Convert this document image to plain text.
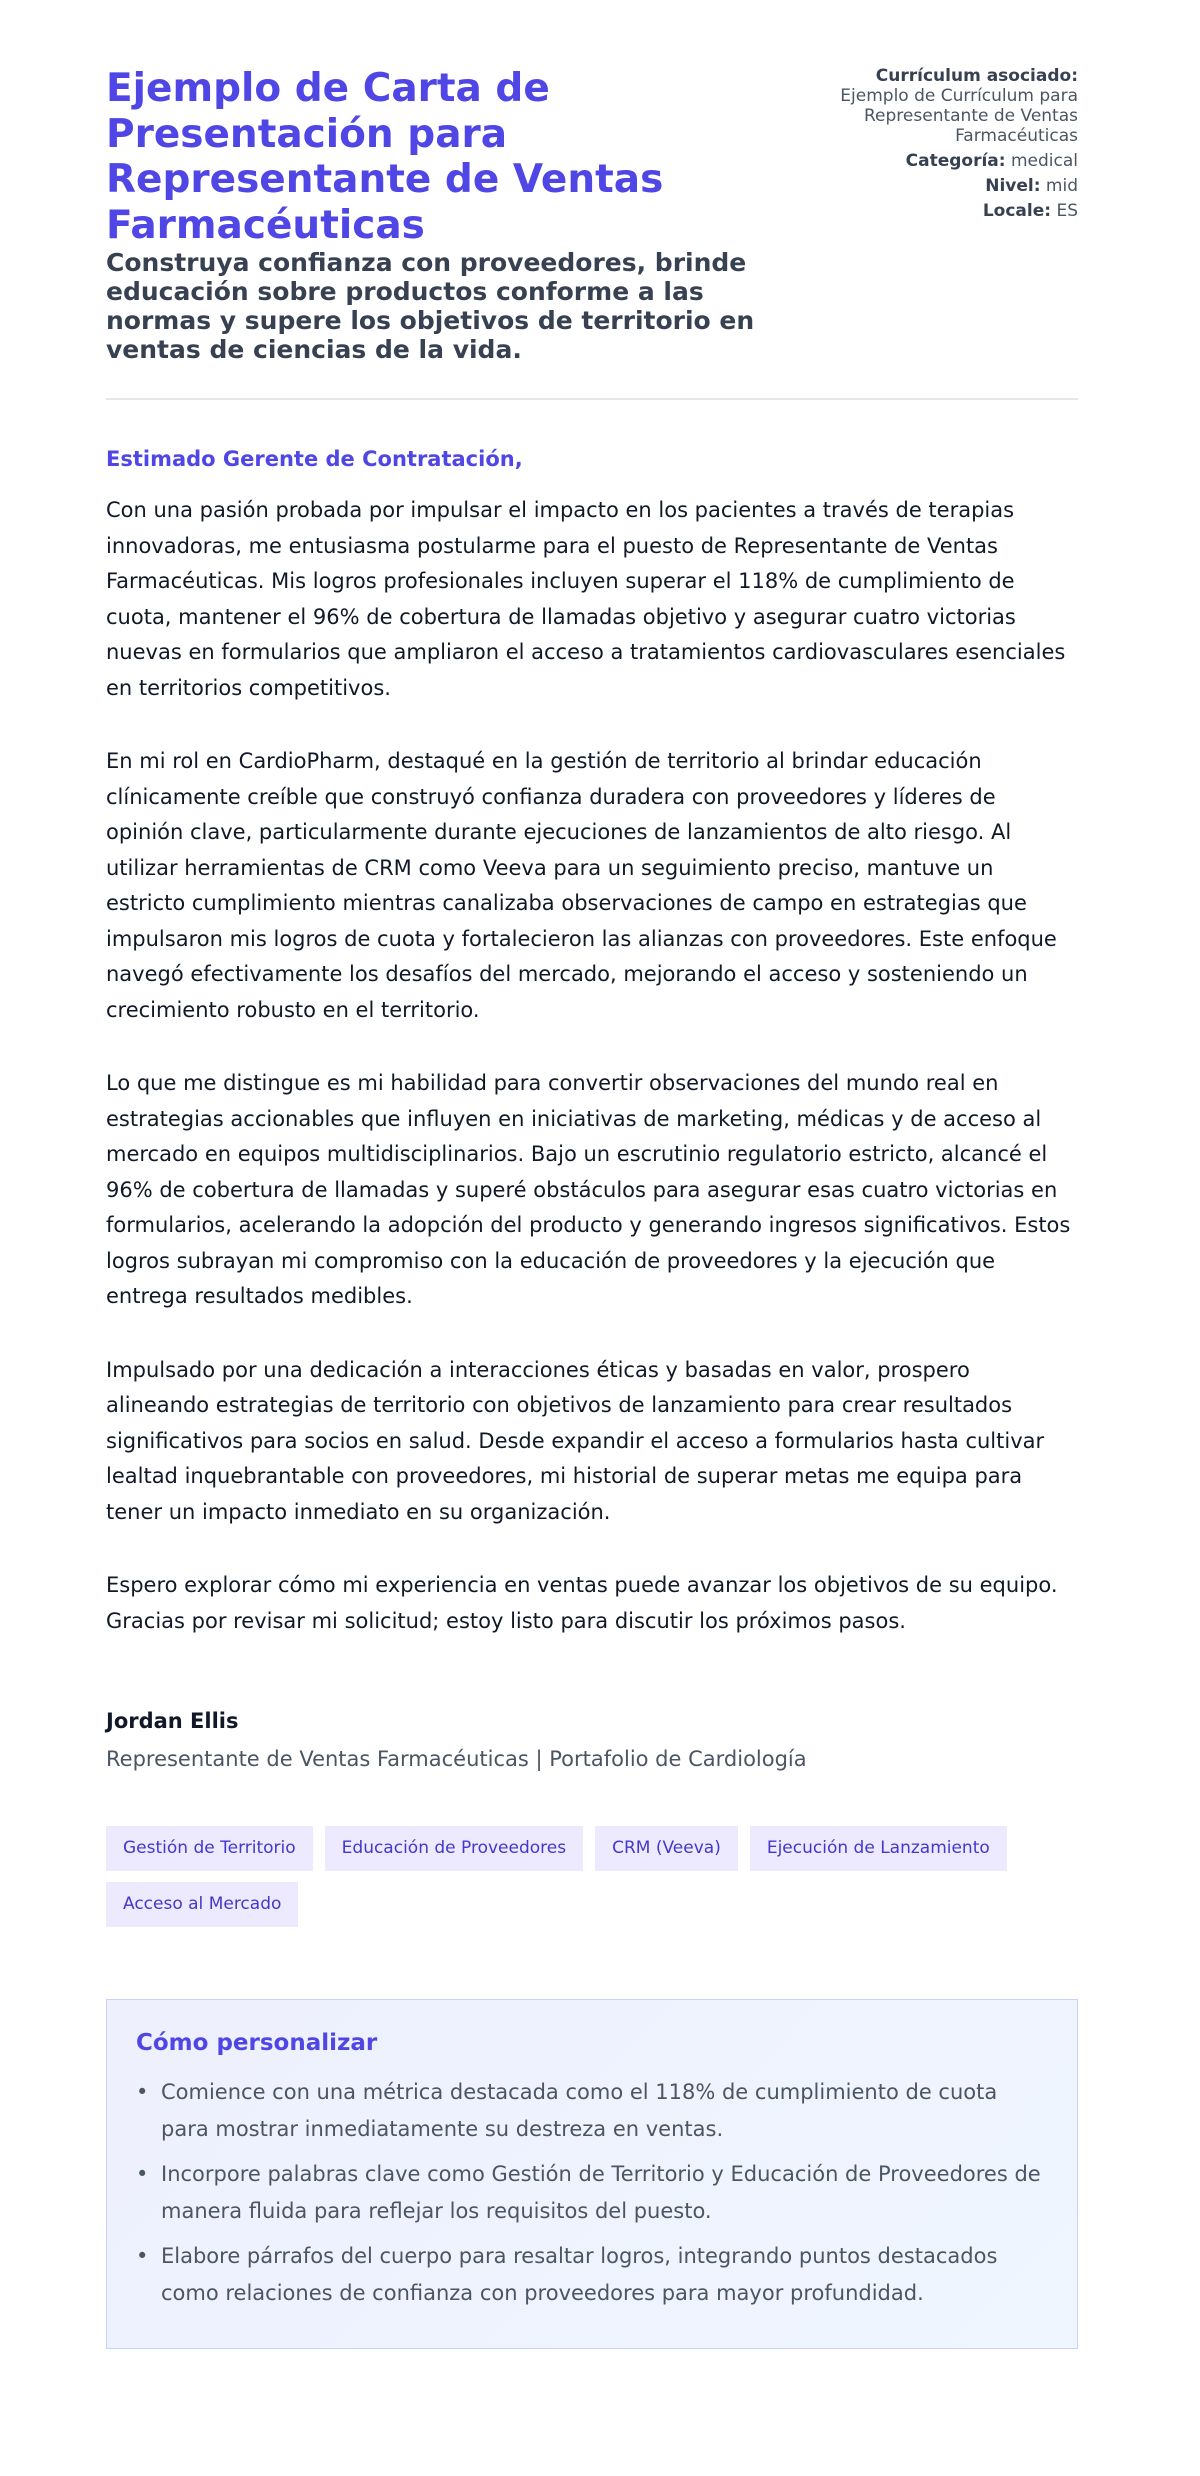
Ejemplo de Carta de Presentación para Representante de Ventas Farmacéuticas
Construya confianza con proveedores, brinde educación sobre productos conforme a las normas y supere los objetivos de territorio en ventas de ciencias de la vida.
Currículum asociado:
Ejemplo de Currículum para Representante de Ventas Farmacéuticas
Categoría: medical
Nivel: mid
Locale: ES
Estimado Gerente de Contratación,

Con una pasión probada por impulsar el impacto en los pacientes a través de terapias innovadoras, me entusiasma postularme para el puesto de Representante de Ventas Farmacéuticas. Mis logros profesionales incluyen superar el 118% de cumplimiento de cuota, mantener el 96% de cobertura de llamadas objetivo y asegurar cuatro victorias nuevas en formularios que ampliaron el acceso a tratamientos cardiovasculares esenciales en territorios competitivos.

En mi rol en CardioPharm, destaqué en la gestión de territorio al brindar educación clínicamente creíble que construyó confianza duradera con proveedores y líderes de opinión clave, particularmente durante ejecuciones de lanzamientos de alto riesgo. Al utilizar herramientas de CRM como Veeva para un seguimiento preciso, mantuve un estricto cumplimiento mientras canalizaba observaciones de campo en estrategias que impulsaron mis logros de cuota y fortalecieron las alianzas con proveedores. Este enfoque navegó efectivamente los desafíos del mercado, mejorando el acceso y sosteniendo un crecimiento robusto en el territorio.

Lo que me distingue es mi habilidad para convertir observaciones del mundo real en estrategias accionables que influyen en iniciativas de marketing, médicas y de acceso al mercado en equipos multidisciplinarios. Bajo un escrutinio regulatorio estricto, alcancé el 96% de cobertura de llamadas y superé obstáculos para asegurar esas cuatro victorias en formularios, acelerando la adopción del producto y generando ingresos significativos. Estos logros subrayan mi compromiso con la educación de proveedores y la ejecución que entrega resultados medibles.

Impulsado por una dedicación a interacciones éticas y basadas en valor, prospero alineando estrategias de territorio con objetivos de lanzamiento para crear resultados significativos para socios en salud. Desde expandir el acceso a formularios hasta cultivar lealtad inquebrantable con proveedores, mi historial de superar metas me equipa para tener un impacto inmediato en su organización.

Espero explorar cómo mi experiencia en ventas puede avanzar los objetivos de su equipo. Gracias por revisar mi solicitud; estoy listo para discutir los próximos pasos.

Jordan Ellis
Representante de Ventas Farmacéuticas | Portafolio de Cardiología
Gestión de Territorio	Educación de Proveedores	CRM (Veeva)	Ejecución de Lanzamiento
Acceso al Mercado
Cómo personalizar
• Comience con una métrica destacada como el 118% de cumplimiento de cuota para mostrar inmediatamente su destreza en ventas.
• Incorpore palabras clave como Gestión de Territorio y Educación de Proveedores de manera fluida para reflejar los requisitos del puesto.
• Elabore párrafos del cuerpo para resaltar logros, integrando puntos destacados como relaciones de confianza con proveedores para mayor profundidad.
